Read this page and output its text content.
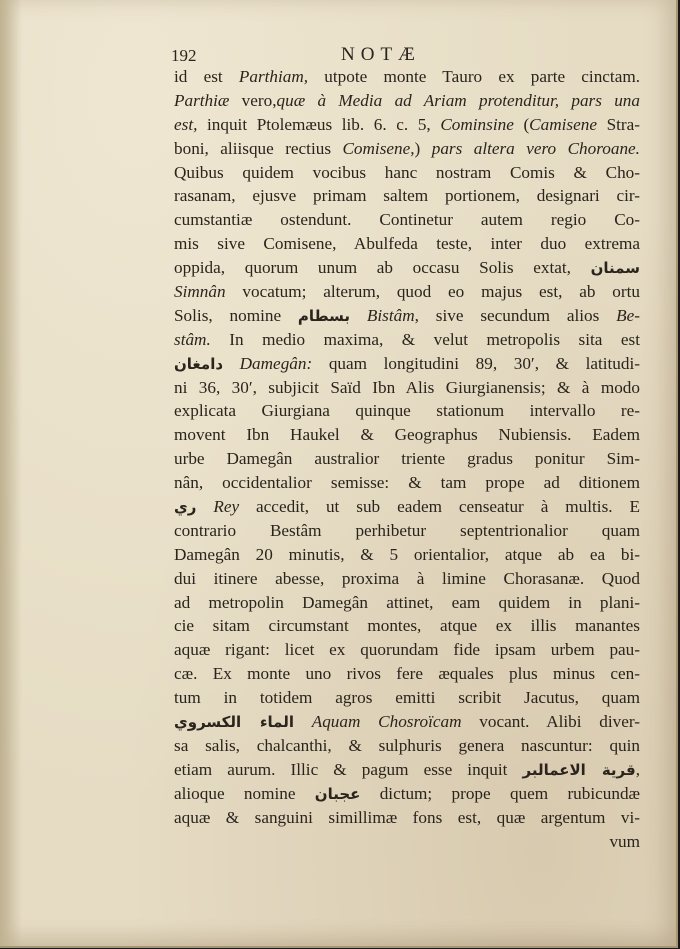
192	NOTÆ
id est Parthiam, utpote monte Tauro ex parte cinctam.
Parthiæ vero,quæ à Media ad Ariam protenditur, pars una
est, inquit Ptolemæus lib. 6. c. 5, Cominsine (Camisene Stra-
boni, aliisque rectius Comisene,) pars altera vero Choroane.
Quibus quidem vocibus hanc nostram Comis & Cho-
rasanam, ejusve primam saltem portionem, designari cir-
cumstantiæ ostendunt. Continetur autem regio Co-
mis sive Comisene, Abulfeda teste, inter duo extrema
oppida, quorum unum ab occasu Solis extat, سمنان
Simnân vocatum; alterum, quod eo majus est, ab ortu
Solis, nomine بسطام Bistâm, sive secundum alios Be-
stâm. In medio maxima, & velut metropolis sita est
دامغان Damegân: quam longitudini 89, 30′, & latitudi-
ni 36, 30′, subjicit Saïd Ibn Alis Giurgianensis; & à modo
explicata Giurgiana quinque stationum intervallo re-
movent Ibn Haukel & Geographus Nubiensis. Eadem
urbe Damegân australior triente gradus ponitur Sim-
nân, occidentalior semisse: & tam prope ad ditionem
ري Rey accedit, ut sub eadem censeatur à multis. E
contrario Bestâm perhibetur septentrionalior quam
Damegân 20 minutis, & 5 orientalior, atque ab ea bi-
dui itinere abesse, proxima à limine Chorasanæ. Quod
ad metropolin Damegân attinet, eam quidem in plani-
cie sitam circumstant montes, atque ex illis manantes
aquæ rigant: licet ex quorundam fide ipsam urbem pau-
cæ. Ex monte uno rivos fere æquales plus minus cen-
tum in totidem agros emitti scribit Jacutus, quam
الماء الكسروي Aquam Chosroïcam vocant. Alibi diver-
sa salis, chalcanthi, & sulphuris genera nascuntur: quin
etiam aurum. Illic & pagum esse inquit قرية الاعمالبر,
alioque nomine عجبان dictum; prope quem rubicundæ
aquæ & sanguini simillimæ fons est, quæ argentum vi-
vum
